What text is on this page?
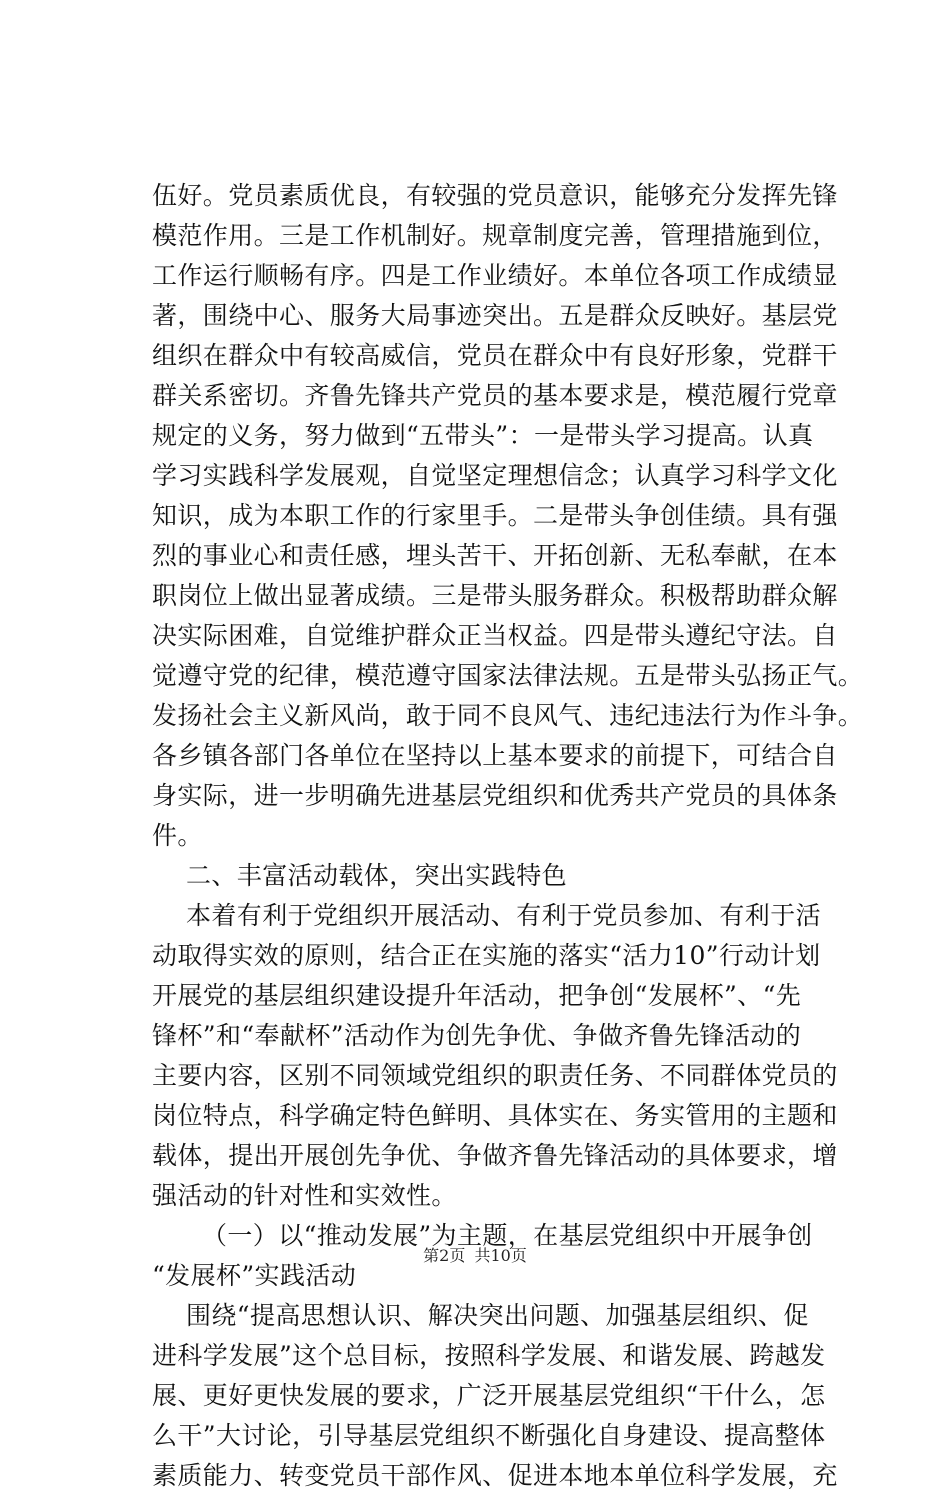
伍好。党员素质优良，有较强的党员意识，能够充分发挥先锋
模范作用。三是工作机制好。规章制度完善，管理措施到位，
工作运行顺畅有序。四是工作业绩好。本单位各项工作成绩显
著，围绕中心、服务大局事迹突出。五是群众反映好。基层党
组织在群众中有较高威信，党员在群众中有良好形象，党群干
群关系密切。齐鲁先锋共产党员的基本要求是，模范履行党章
规定的义务，努力做到“五带头”：一是带头学习提高。认真
学习实践科学发展观，自觉坚定理想信念；认真学习科学文化
知识，成为本职工作的行家里手。二是带头争创佳绩。具有强
烈的事业心和责任感，埋头苦干、开拓创新、无私奉献，在本
职岗位上做出显著成绩。三是带头服务群众。积极帮助群众解
决实际困难，自觉维护群众正当权益。四是带头遵纪守法。自
觉遵守党的纪律，模范遵守国家法律法规。五是带头弘扬正气。
发扬社会主义新风尚，敢于同不良风气、违纪违法行为作斗争。
各乡镇各部门各单位在坚持以上基本要求的前提下，可结合自
身实际，进一步明确先进基层党组织和优秀共产党员的具体条
件。
二、丰富活动载体，突出实践特色
本着有利于党组织开展活动、有利于党员参加、有利于活
动取得实效的原则，结合正在实施的落实“活力10”行动计划
开展党的基层组织建设提升年活动，把争创“发展杯”、“先
锋杯”和“奉献杯”活动作为创先争优、争做齐鲁先锋活动的
主要内容，区别不同领域党组织的职责任务、不同群体党员的
岗位特点，科学确定特色鲜明、具体实在、务实管用的主题和
载体，提出开展创先争优、争做齐鲁先锋活动的具体要求，增
强活动的针对性和实效性。
（一）以“推动发展”为主题，在基层党组织中开展争创
“发展杯”实践活动
围绕“提高思想认识、解决突出问题、加强基层组织、促
进科学发展”这个总目标，按照科学发展、和谐发展、跨越发
展、更好更快发展的要求，广泛开展基层党组织“干什么，怎
么干”大讨论，引导基层党组织不断强化自身建设、提高整体
素质能力、转变党员干部作风、促进本地本单位科学发展，充
第2页 共10页
